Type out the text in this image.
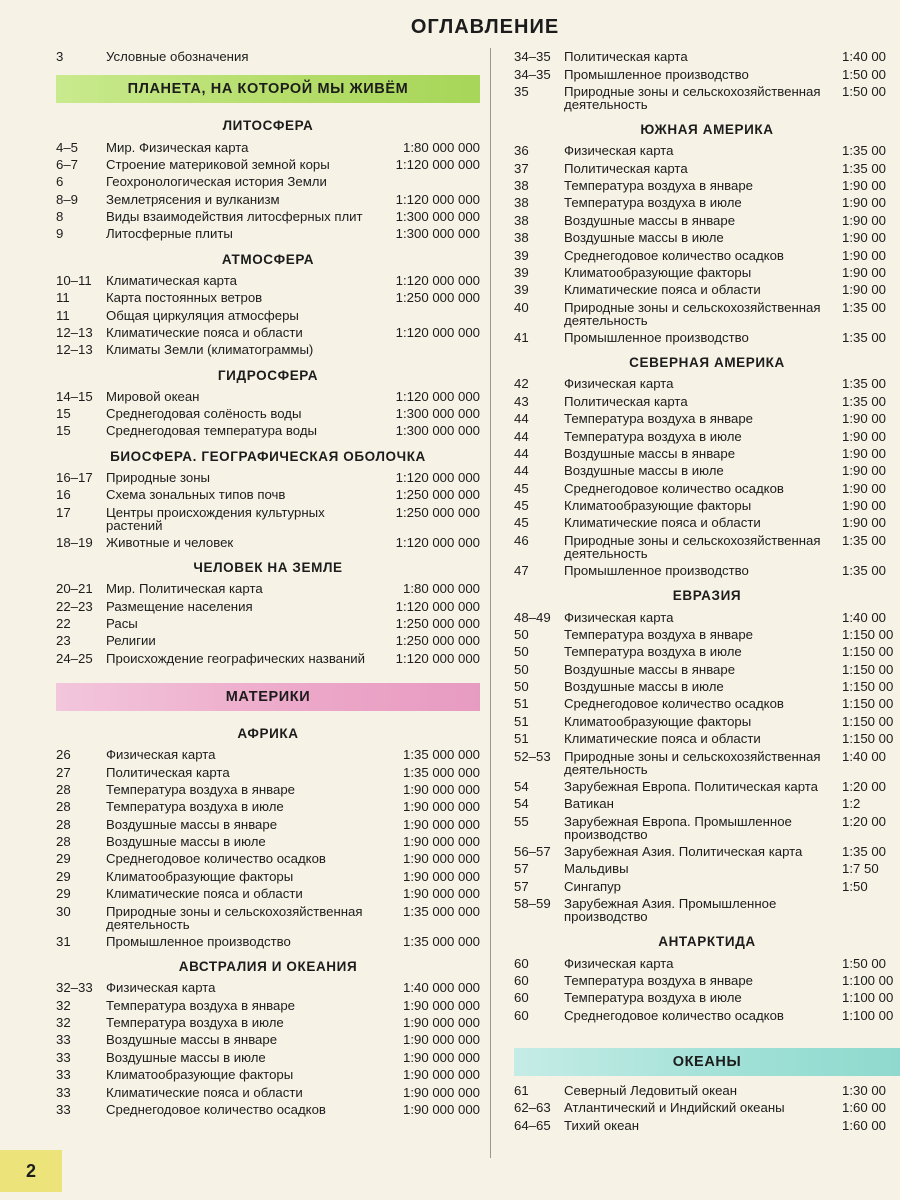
ОГЛАВЛЕНИЕ
3	Условные обозначения
ПЛАНЕТА, НА КОТОРОЙ МЫ ЖИВЁМ
ЛИТОСФЕРА
4–5	Мир. Физическая карта	1:80 000 000
6–7	Строение материковой земной коры	1:120 000 000
6	Геохронологическая история Земли
8–9	Землетрясения и вулканизм	1:120 000 000
8	Виды взаимодействия литосферных плит	1:300 000 000
9	Литосферные плиты	1:300 000 000
АТМОСФЕРА
10–11	Климатическая карта	1:120 000 000
11	Карта постоянных ветров	1:250 000 000
11	Общая циркуляция атмосферы
12–13	Климатические пояса и области	1:120 000 000
12–13	Климаты Земли (климатограммы)
ГИДРОСФЕРА
14–15	Мировой океан	1:120 000 000
15	Среднегодовая солёность воды	1:300 000 000
15	Среднегодовая температура воды	1:300 000 000
БИОСФЕРА. ГЕОГРАФИЧЕСКАЯ ОБОЛОЧКА
16–17	Природные зоны	1:120 000 000
16	Схема зональных типов почв	1:250 000 000
17	Центры происхождения культурных растений
1:250 000 000
18–19	Животные и человек	1:120 000 000
ЧЕЛОВЕК НА ЗЕМЛЕ
20–21	Мир. Политическая карта	1:80 000 000
22–23	Размещение населения	1:120 000 000
22	Расы	1:250 000 000
23	Религии	1:250 000 000
24–25	Происхождение географических названий	1:120 000 000
МАТЕРИКИ
АФРИКА
26	Физическая карта	1:35 000 000
27	Политическая карта	1:35 000 000
28	Температура воздуха в январе	1:90 000 000
28	Температура воздуха в июле	1:90 000 000
28	Воздушные массы в январе	1:90 000 000
28	Воздушные массы в июле	1:90 000 000
29	Среднегодовое количество осадков	1:90 000 000
29	Климатообразующие факторы	1:90 000 000
29	Климатические пояса и области	1:90 000 000
30	Природные зоны и сельскохозяйственная деятельность
1:35 000 000
31	Промышленное производство	1:35 000 000
АВСТРАЛИЯ И ОКЕАНИЯ
32–33	Физическая карта	1:40 000 000
32	Температура воздуха в январе	1:90 000 000
32	Температура воздуха в июле	1:90 000 000
33	Воздушные массы в январе	1:90 000 000
33	Воздушные массы в июле	1:90 000 000
33	Климатообразующие факторы	1:90 000 000
33	Климатические пояса и области	1:90 000 000
33	Среднегодовое количество осадков	1:90 000 000
34–35	Политическая карта	1:40 00
34–35	Промышленное производство	1:50 00
35	Природные зоны и сельскохозяйственная деятельность
1:50 00
ЮЖНАЯ АМЕРИКА
36	Физическая карта	1:35 00
37	Политическая карта	1:35 00
38	Температура воздуха в январе	1:90 00
38	Температура воздуха в июле	1:90 00
38	Воздушные массы в январе	1:90 00
38	Воздушные массы в июле	1:90 00
39	Среднегодовое количество осадков	1:90 00
39	Климатообразующие факторы	1:90 00
39	Климатические пояса и области	1:90 00
40	Природные зоны и сельскохозяйственная деятельность
1:35 00
41	Промышленное производство	1:35 00
СЕВЕРНАЯ АМЕРИКА
42	Физическая карта	1:35 00
43	Политическая карта	1:35 00
44	Температура воздуха в январе	1:90 00
44	Температура воздуха в июле	1:90 00
44	Воздушные массы в январе	1:90 00
44	Воздушные массы в июле	1:90 00
45	Среднегодовое количество осадков	1:90 00
45	Климатообразующие факторы	1:90 00
45	Климатические пояса и области	1:90 00
46	Природные зоны и сельскохозяйственная деятельность
1:35 00
47	Промышленное производство	1:35 00
ЕВРАЗИЯ
48–49	Физическая карта	1:40 00
50	Температура воздуха в январе	1:150 00
50	Температура воздуха в июле	1:150 00
50	Воздушные массы в январе	1:150 00
50	Воздушные массы в июле	1:150 00
51	Среднегодовое количество осадков	1:150 00
51	Климатообразующие факторы	1:150 00
51	Климатические пояса и области	1:150 00
52–53	Природные зоны и сельскохозяйственная деятельность
1:40 00
54	Зарубежная Европа. Политическая карта	1:20 00
54	Ватикан	1:2
55	Зарубежная Европа. Промышленное производство
1:20 00
56–57	Зарубежная Азия. Политическая карта	1:35 00
57	Мальдивы	1:7 50
57	Сингапур	1:50
58–59	Зарубежная Азия. Промышленное производство
АНТАРКТИДА
60	Физическая карта	1:50 00
60	Температура воздуха в январе	1:100 00
60	Температура воздуха в июле	1:100 00
60	Среднегодовое количество осадков	1:100 00
ОКЕАНЫ
61	Северный Ледовитый океан	1:30 00
62–63	Атлантический и Индийский океаны	1:60 00
64–65	Тихий океан	1:60 00
2
